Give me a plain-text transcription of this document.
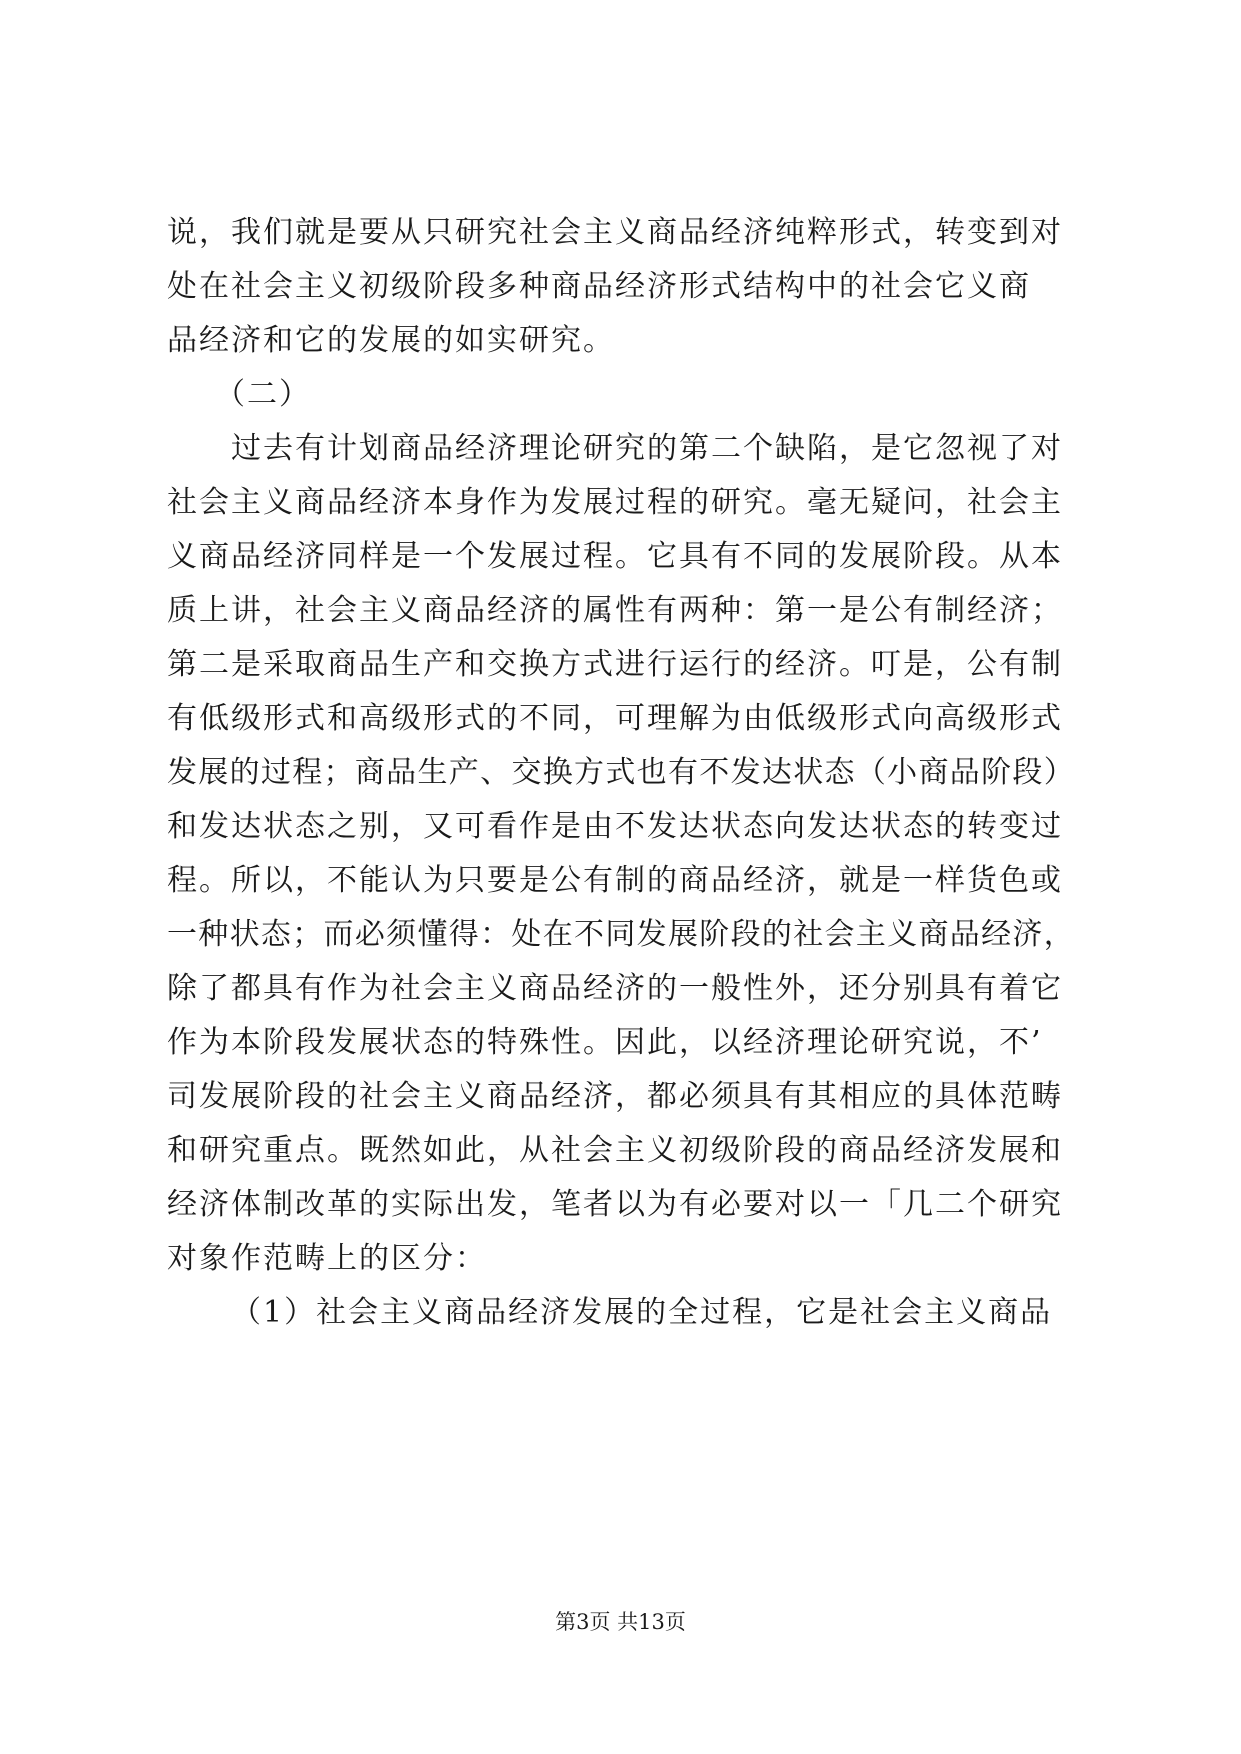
说，我们就是要从只研究社会主义商品经济纯粹形式，转变到对
处在社会主义初级阶段多种商品经济形式结构中的社会它义商
品经济和它的发展的如实研究。
（二）
过去有计划商品经济理论研究的第二个缺陷，是它忽视了对
社会主义商品经济本身作为发展过程的研究。毫无疑问，社会主
义商品经济同样是一个发展过程。它具有不同的发展阶段。从本
质上讲，社会主义商品经济的属性有两种：第一是公有制经济；
第二是采取商品生产和交换方式进行运行的经济。叮是，公有制
有低级形式和高级形式的不同，可理解为由低级形式向高级形式
发展的过程；商品生产、交换方式也有不发达状态（小商品阶段）
和发达状态之别，又可看作是由不发达状态向发达状态的转变过
程。所以，不能认为只要是公有制的商品经济，就是一样货色或
一种状态；而必须懂得：处在不同发展阶段的社会主义商品经济，
除了都具有作为社会主义商品经济的一般性外，还分别具有着它
作为本阶段发展状态的特殊性。因此，以经济理论研究说，不’
司发展阶段的社会主义商品经济，都必须具有其相应的具体范畴
和研究重点。既然如此，从社会主义初级阶段的商品经济发展和
经济体制改革的实际出发，笔者以为有必要对以一「几二个研究
对象作范畴上的区分：
（1）社会主义商品经济发展的全过程，它是社会主义商品
第3页 共13页
